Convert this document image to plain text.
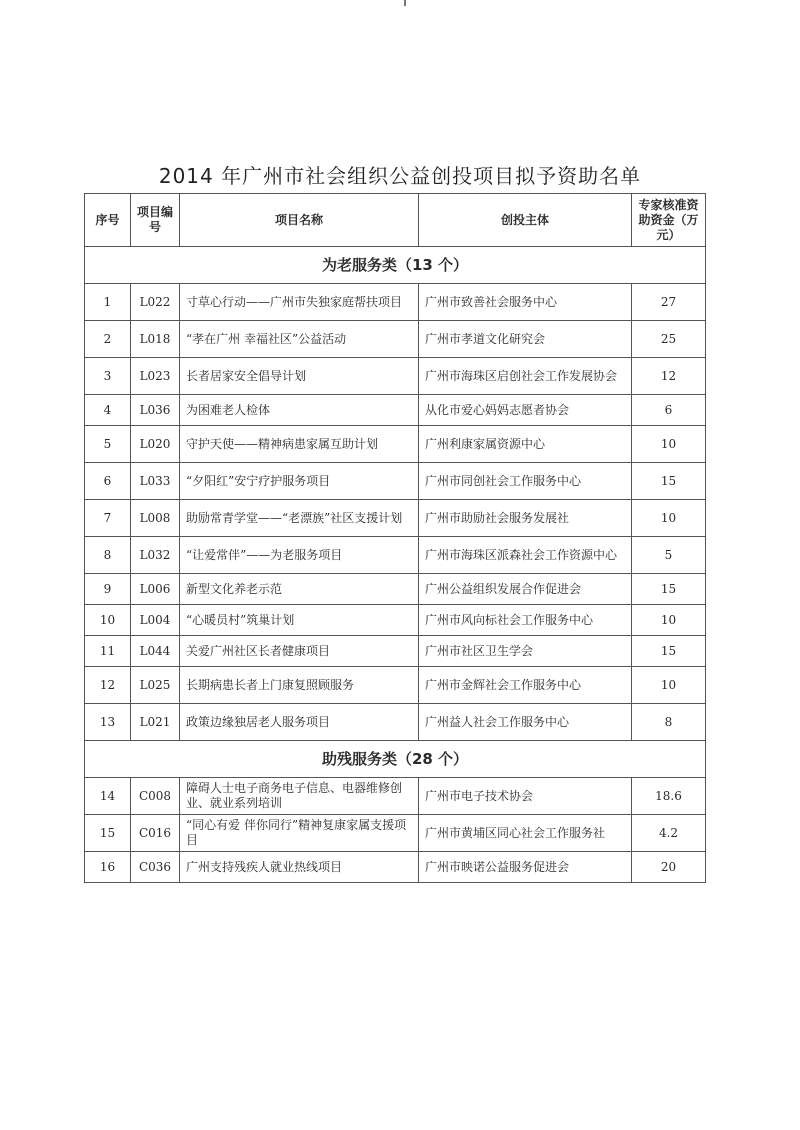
2014 年广州市社会组织公益创投项目拟予资助名单
序号	项目编号	项目名称	创投主体	专家核准资助资金（万元）
为老服务类（13 个）				
1	L022	寸草心行动——广州市失独家庭帮扶项目	广州市致善社会服务中心	27
2	L018	“孝在广州 幸福社区”公益活动	广州市孝道文化研究会	25
3	L023	长者居家安全倡导计划	广州市海珠区启创社会工作发展协会	12
4	L036	为困难老人检体	从化市爱心妈妈志愿者协会	6
5	L020	守护天使——精神病患家属互助计划	广州利康家属资源中心	10
6	L033	“夕阳红”安宁疗护服务项目	广州市同创社会工作服务中心	15
7	L008	助励常青学堂——“老漂族”社区支援计划	广州市助励社会服务发展社	10
8	L032	“让爱常伴”——为老服务项目	广州市海珠区派森社会工作资源中心	5
9	L006	新型文化养老示范	广州公益组织发展合作促进会	15
10	L004	“心暖员村”筑巢计划	广州市风向标社会工作服务中心	10
11	L044	关爱广州社区长者健康项目	广州市社区卫生学会	15
12	L025	长期病患长者上门康复照顾服务	广州市金辉社会工作服务中心	10
13	L021	政策边缘独居老人服务项目	广州益人社会工作服务中心	8
助残服务类（28 个）				
14	C008	障碍人士电子商务电子信息、电器维修创业、就业系列培训	广州市电子技术协会	18.6
15	C016	“同心有爱 伴你同行”精神复康家属支援项目	广州市黄埔区同心社会工作服务社	4.2
16	C036	广州支持残疾人就业热线项目	广州市映诺公益服务促进会	20
